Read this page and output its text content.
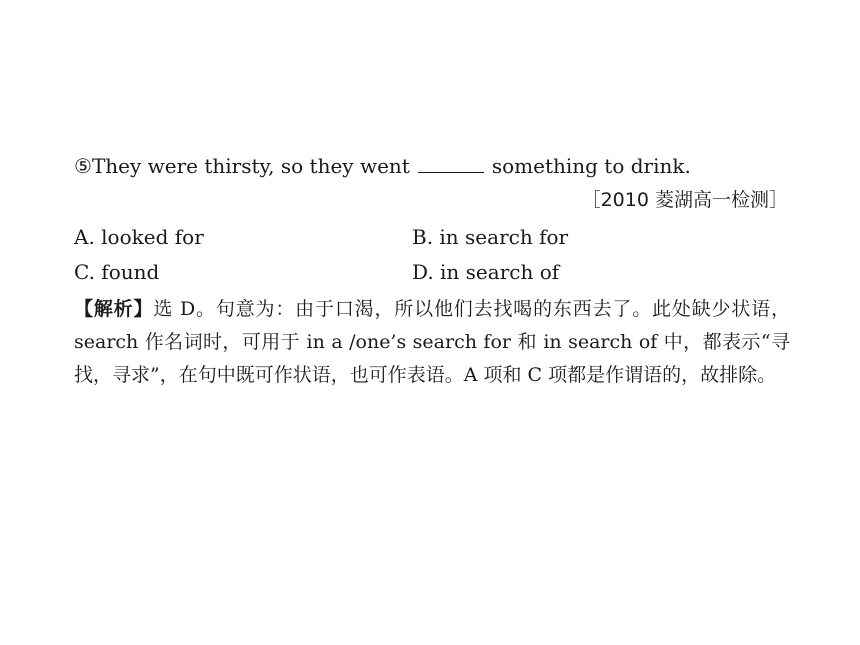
⑤They were thirsty, so they went	something to drink.
［2010 菱湖高一检测］
A. looked for	B. in search for
C. found	D. in search of
【解析】选 D。句意为：由于口渴，所以他们去找喝的东西去了。此处缺少状语，search 作名词时，可用于 in a /one’s search for 和 in search of 中，都表示“寻找，寻求”，在句中既可作状语，也可作表语。A 项和 C 项都是作谓语的，故排除。
